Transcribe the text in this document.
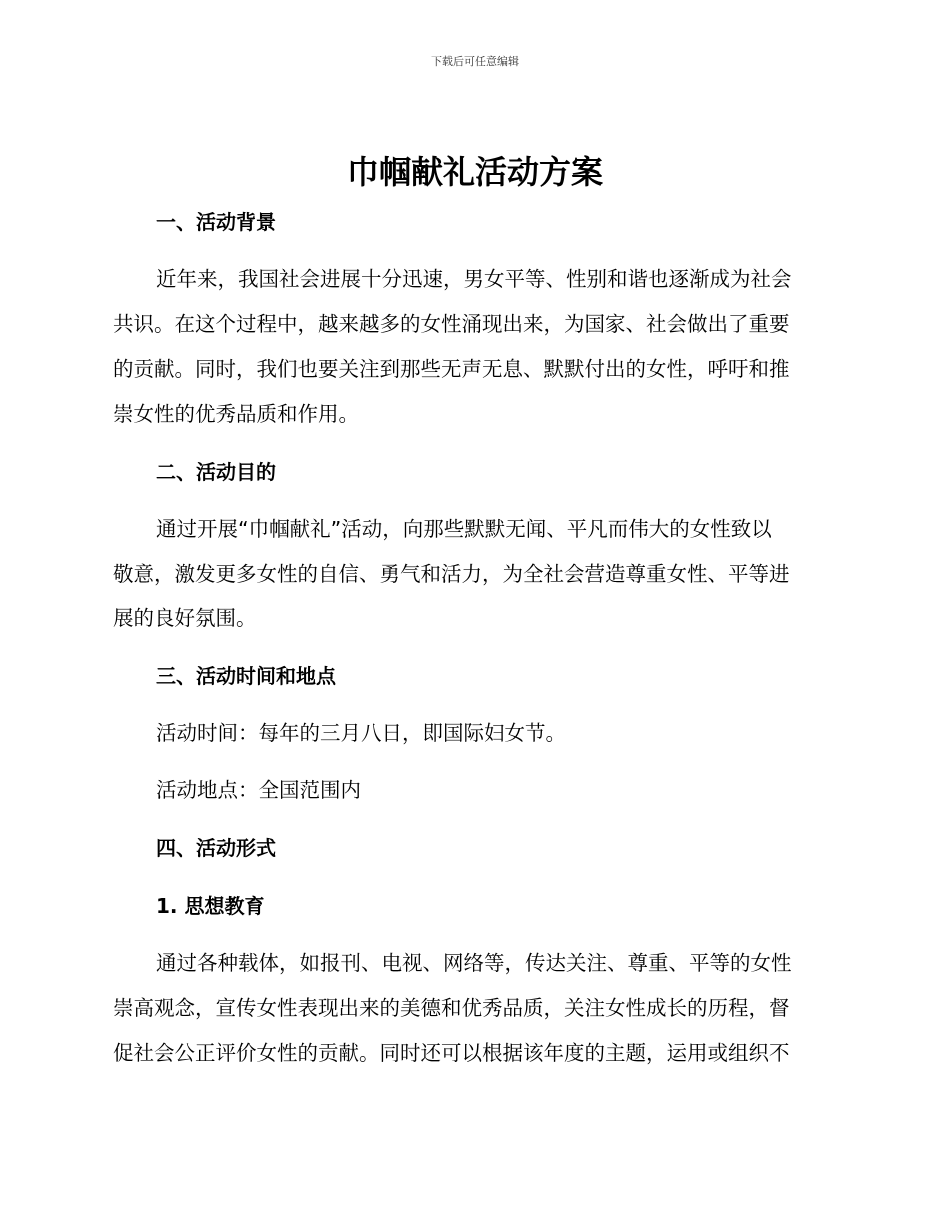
下载后可任意编辑
巾帼献礼活动方案
一、活动背景
近年来，我国社会进展十分迅速，男女平等、性别和谐也逐渐成为社会
共识。在这个过程中，越来越多的女性涌现出来，为国家、社会做出了重要
的贡献。同时，我们也要关注到那些无声无息、默默付出的女性，呼吁和推
崇女性的优秀品质和作用。
二、活动目的
通过开展“巾帼献礼”活动，向那些默默无闻、平凡而伟大的女性致以
敬意，激发更多女性的自信、勇气和活力，为全社会营造尊重女性、平等进
展的良好氛围。
三、活动时间和地点
活动时间：每年的三月八日，即国际妇女节。
活动地点：全国范围内
四、活动形式
1. 思想教育
通过各种载体，如报刊、电视、网络等，传达关注、尊重、平等的女性
崇高观念，宣传女性表现出来的美德和优秀品质，关注女性成长的历程，督
促社会公正评价女性的贡献。同时还可以根据该年度的主题，运用或组织不
